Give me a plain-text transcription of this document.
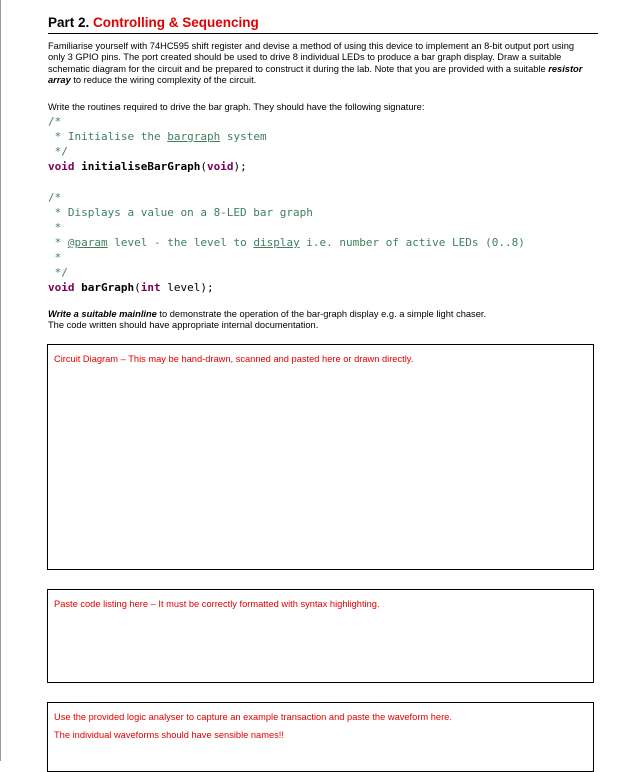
Part 2. Controlling & Sequencing

Familiarise yourself with 74HC595 shift register and devise a method of using this device to implement an 8-bit output port using only 3 GPIO pins. The port created should be used to drive 8 individual LEDs to produce a bar graph display. Draw a suitable schematic diagram for the circuit and be prepared to construct it during the lab. Note that you are provided with a suitable resistor array to reduce the wiring complexity of the circuit.

Write the routines required to drive the bar graph. They should have the following signature:
/*
* Initialise the bargraph system
*/
void initialiseBarGraph(void);
/*
* Displays a value on a 8-LED bar graph
*
* @param level - the level to display i.e. number of active LEDs (0..8)
*
*/
void barGraph(int level);

Write a suitable mainline to demonstrate the operation of the bar-graph display e.g. a simple light chaser.

The code written should have appropriate internal documentation.

Circuit Diagram – This may be hand-drawn, scanned and pasted here or drawn directly.

Paste code listing here – It must be correctly formatted with syntax highlighting.

Use the provided logic analyser to capture an example transaction and paste the waveform here.

The individual waveforms should have sensible names!!
